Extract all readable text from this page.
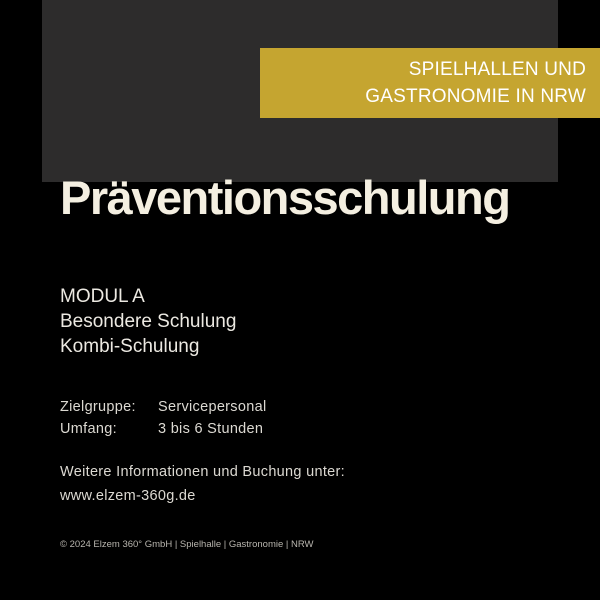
SPIELHALLEN UND
GASTRONOMIE IN NRW
Präventionsschulung
MODUL A
Besondere Schulung
Kombi-Schulung
Zielgruppe: Servicepersonal
Umfang:	3 bis 6 Stunden
Weitere Informationen und Buchung unter:
www.elzem-360g.de
© 2024 Elzem 360° GmbH | Spielhalle | Gastronomie | NRW
